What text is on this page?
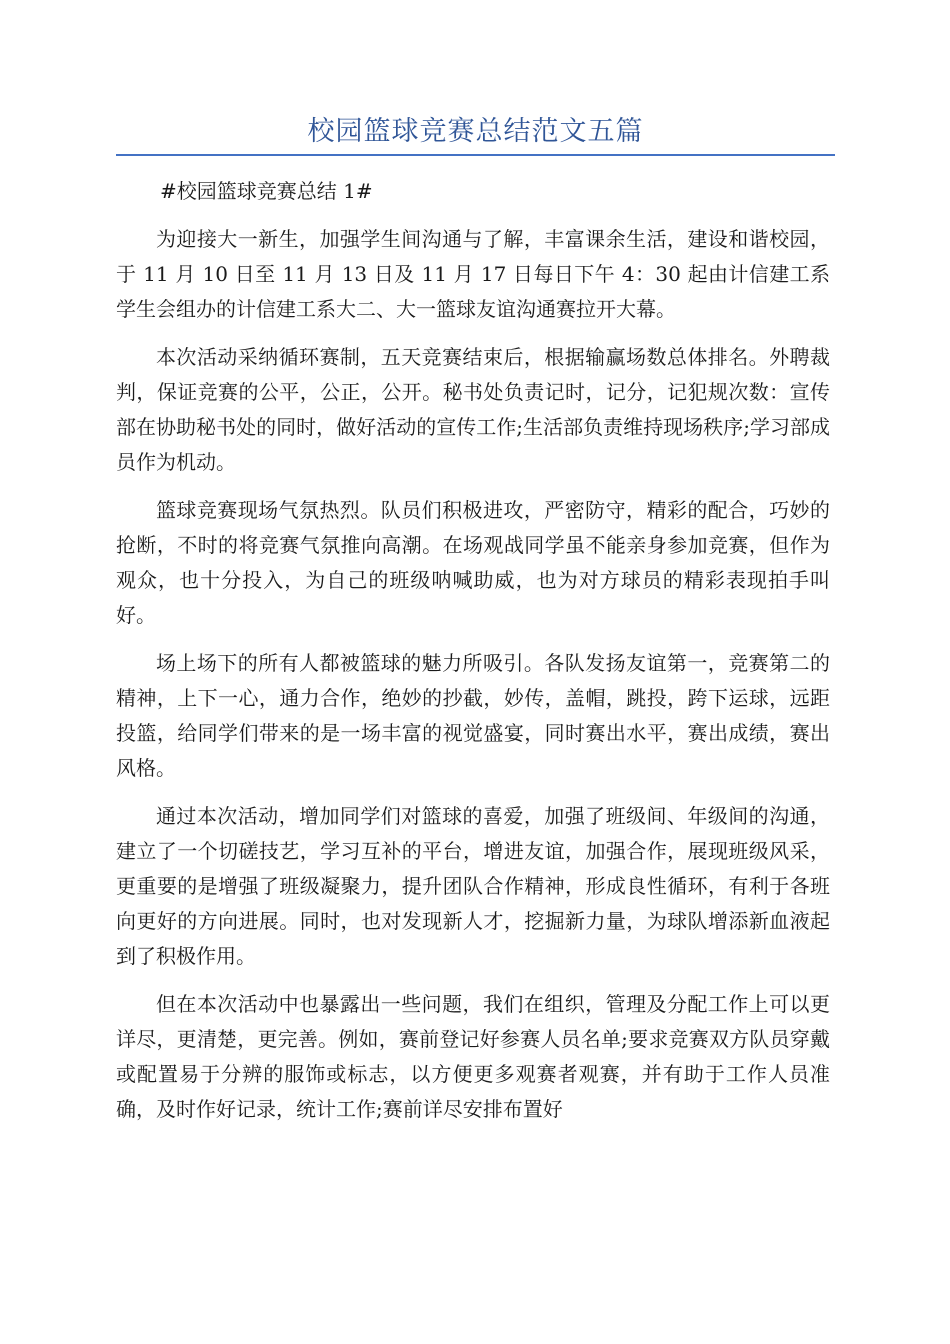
校园篮球竞赛总结范文五篇

#校园篮球竞赛总结 1#

为迎接大一新生，加强学生间沟通与了解，丰富课余生活，建设和谐校园，于 11 月 10 日至 11 月 13 日及 11 月 17 日每日下午 4：30 起由计信建工系学生会组办的计信建工系大二、大一篮球友谊沟通赛拉开大幕。

本次活动采纳循环赛制，五天竞赛结束后，根据输赢场数总体排名。外聘裁判，保证竞赛的公平，公正，公开。秘书处负责记时，记分，记犯规次数：宣传部在协助秘书处的同时，做好活动的宣传工作;生活部负责维持现场秩序;学习部成员作为机动。

篮球竞赛现场气氛热烈。队员们积极进攻，严密防守，精彩的配合，巧妙的抢断，不时的将竞赛气氛推向高潮。在场观战同学虽不能亲身参加竞赛，但作为观众，也十分投入，为自己的班级呐喊助威，也为对方球员的精彩表现拍手叫好。

场上场下的所有人都被篮球的魅力所吸引。各队发扬友谊第一，竞赛第二的精神，上下一心，通力合作，绝妙的抄截，妙传，盖帽，跳投，跨下运球，远距投篮，给同学们带来的是一场丰富的视觉盛宴，同时赛出水平，赛出成绩，赛出风格。

通过本次活动，增加同学们对篮球的喜爱，加强了班级间、年级间的沟通，建立了一个切磋技艺，学习互补的平台，增进友谊，加强合作，展现班级风采，更重要的是增强了班级凝聚力，提升团队合作精神，形成良性循环，有利于各班向更好的方向进展。同时，也对发现新人才，挖掘新力量，为球队增添新血液起到了积极作用。

但在本次活动中也暴露出一些问题，我们在组织，管理及分配工作上可以更详尽，更清楚，更完善。例如，赛前登记好参赛人员名单;要求竞赛双方队员穿戴或配置易于分辨的服饰或标志，以方便更多观赛者观赛，并有助于工作人员准确，及时作好记录，统计工作;赛前详尽安排布置好
